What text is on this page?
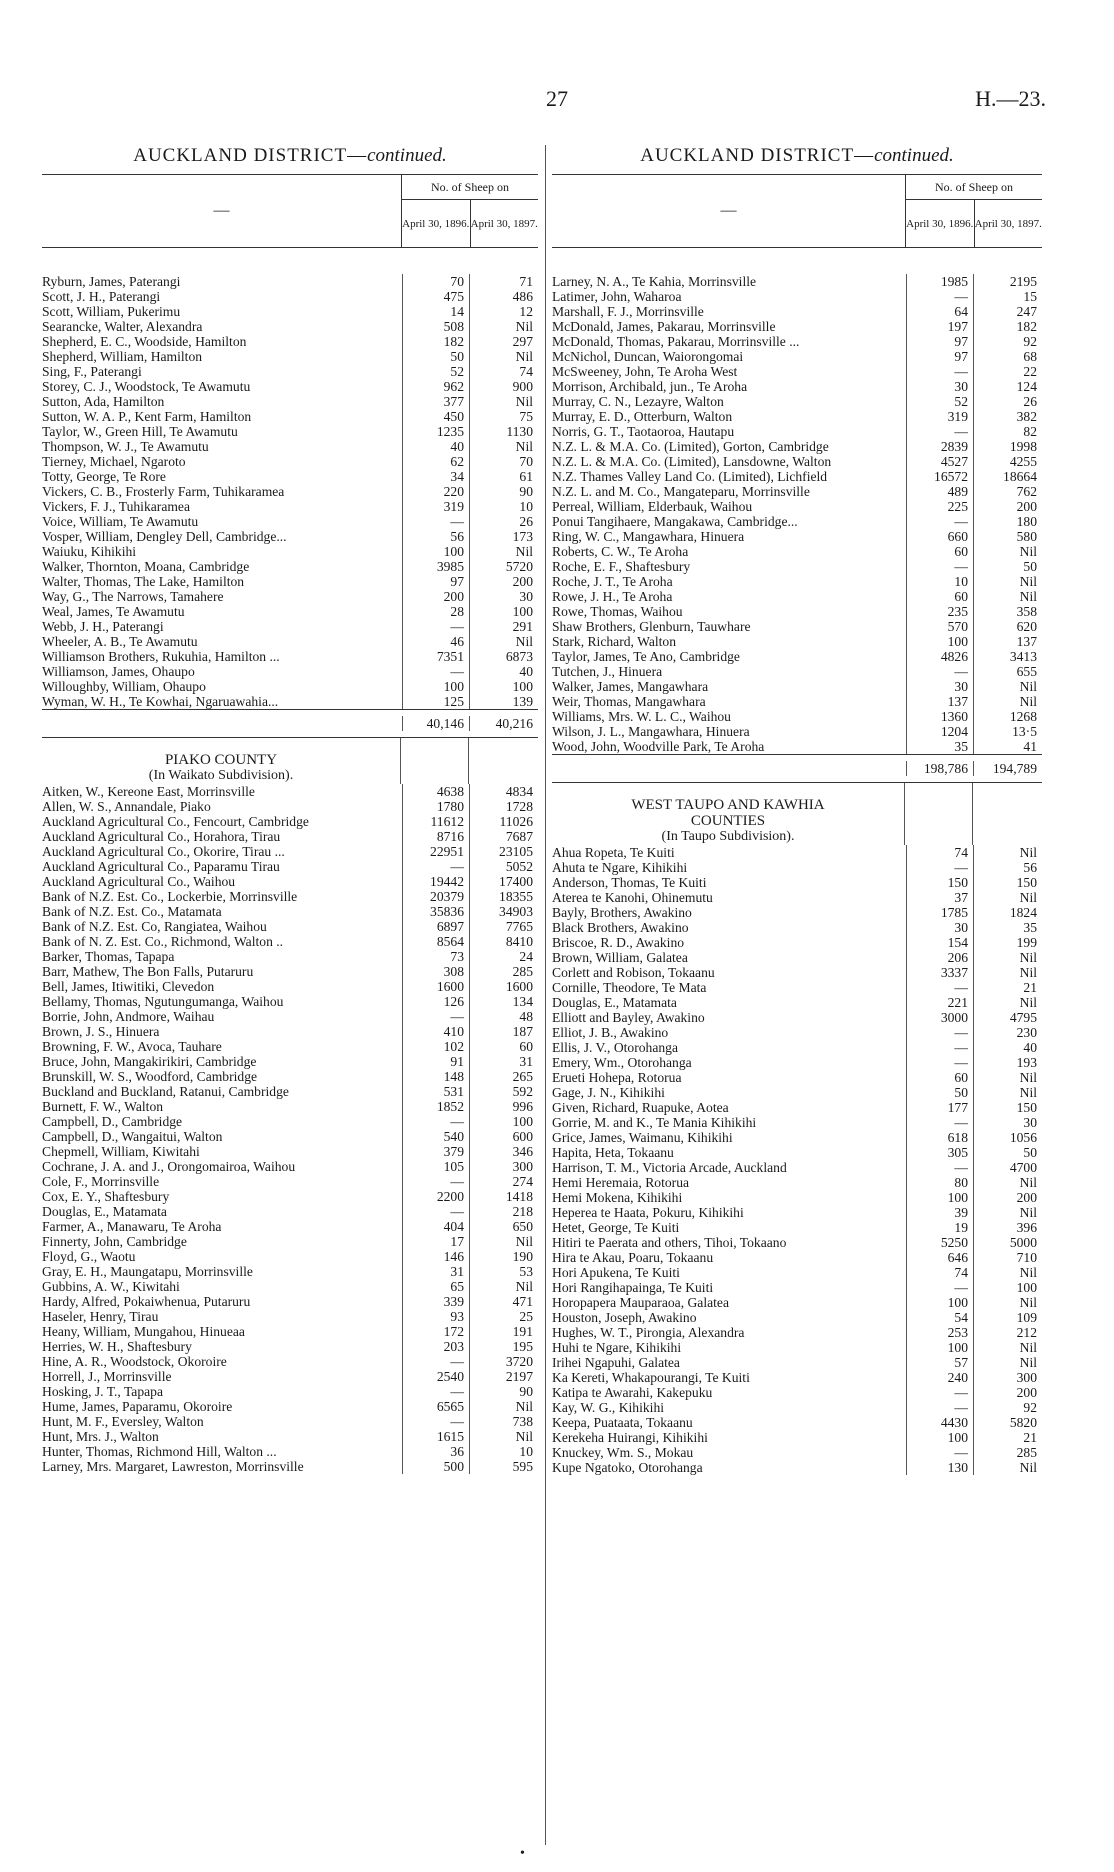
27	H.—23.
AUCKLAND DISTRICT—continued.
—
No. of Sheep on
April 30, 1896. April 30, 1897.
Ryburn, James, Paterangi	70	71
Scott, J. H., Paterangi	475	486
Scott, William, Pukerimu	14	12
Searancke, Walter, Alexandra	508	Nil
Shepherd, E. C., Woodside, Hamilton	182	297
Shepherd, William, Hamilton	50	Nil
Sing, F., Paterangi	52	74
Storey, C. J., Woodstock, Te Awamutu	962	900
Sutton, Ada, Hamilton	377	Nil
Sutton, W. A. P., Kent Farm, Hamilton	450	75
Taylor, W., Green Hill, Te Awamutu	1235	1130
Thompson, W. J., Te Awamutu	40	Nil
Tierney, Michael, Ngaroto	62	70
Totty, George, Te Rore	34	61
Vickers, C. B., Frosterly Farm, Tuhikaramea	220	90
Vickers, F. J., Tuhikaramea	319	10
Voice, William, Te Awamutu	—	26
Vosper, William, Dengley Dell, Cambridge...	56	173
Waiuku, Kihikihi	100	Nil
Walker, Thornton, Moana, Cambridge	3985	5720
Walter, Thomas, The Lake, Hamilton	97	200
Way, G., The Narrows, Tamahere	200	30
Weal, James, Te Awamutu	28	100
Webb, J. H., Paterangi	—	291
Wheeler, A. B., Te Awamutu	46	Nil
Williamson Brothers, Rukuhia, Hamilton ...	7351	6873
Williamson, James, Ohaupo	—	40
Willoughby, William, Ohaupo	100	100
Wyman, W. H., Te Kowhai, Ngaruawahia...	125	139
40,146	40,216
PIAKO COUNTY
(In Waikato Subdivision).
Aitken, W., Kereone East, Morrinsville	4638	4834
Allen, W. S., Annandale, Piako	1780	1728
Auckland Agricultural Co., Fencourt, Cambridge	11612	11026
Auckland Agricultural Co., Horahora, Tirau	8716	7687
Auckland Agricultural Co., Okorire, Tirau ...	22951	23105
Auckland Agricultural Co., Paparamu Tirau	—	5052
Auckland Agricultural Co., Waihou	19442	17400
Bank of N.Z. Est. Co., Lockerbie, Morrinsville	20379	18355
Bank of N.Z. Est. Co., Matamata	35836	34903
Bank of N.Z. Est. Co, Rangiatea, Waihou	6897	7765
Bank of N. Z. Est. Co., Richmond, Walton ..	8564	8410
Barker, Thomas, Tapapa	73	24
Barr, Mathew, The Bon Falls, Putaruru	308	285
Bell, James, Itiwitiki, Clevedon	1600	1600
Bellamy, Thomas, Ngutungumanga, Waihou	126	134
Borrie, John, Andmore, Waihau	—	48
Brown, J. S., Hinuera	410	187
Browning, F. W., Avoca, Tauhare	102	60
Bruce, John, Mangakirikiri, Cambridge	91	31
Brunskill, W. S., Woodford, Cambridge	148	265
Buckland and Buckland, Ratanui, Cambridge	531	592
Burnett, F. W., Walton	1852	996
Campbell, D., Cambridge	—	100
Campbell, D., Wangaitui, Walton	540	600
Chepmell, William, Kiwitahi	379	346
Cochrane, J. A. and J., Orongomairoa, Waihou	105	300
Cole, F., Morrinsville	—	274
Cox, E. Y., Shaftesbury	2200	1418
Douglas, E., Matamata	—	218
Farmer, A., Manawaru, Te Aroha	404	650
Finnerty, John, Cambridge	17	Nil
Floyd, G., Waotu	146	190
Gray, E. H., Maungatapu, Morrinsville	31	53
Gubbins, A. W., Kiwitahi	65	Nil
Hardy, Alfred, Pokaiwhenua, Putaruru	339	471
Haseler, Henry, Tirau	93	25
Heany, William, Mungahou, Hinueaa	172	191
Herries, W. H., Shaftesbury	203	195
Hine, A. R., Woodstock, Okoroire	—	3720
Horrell, J., Morrinsville	2540	2197
Hosking, J. T., Tapapa	—	90
Hume, James, Paparamu, Okoroire	6565	Nil
Hunt, M. F., Eversley, Walton	—	738
Hunt, Mrs. J., Walton	1615	Nil
Hunter, Thomas, Richmond Hill, Walton ...	36	10
Larney, Mrs. Margaret, Lawreston, Morrinsville	500	595
AUCKLAND DISTRICT—continued.
—
No. of Sheep on
April 30, 1896. April 30, 1897.
Larney, N. A., Te Kahia, Morrinsville	1985	2195
Latimer, John, Waharoa	—	15
Marshall, F. J., Morrinsville	64	247
McDonald, James, Pakarau, Morrinsville	197	182
McDonald, Thomas, Pakarau, Morrinsville ...	97	92
McNichol, Duncan, Waiorongomai	97	68
McSweeney, John, Te Aroha West	—	22
Morrison, Archibald, jun., Te Aroha	30	124
Murray, C. N., Lezayre, Walton	52	26
Murray, E. D., Otterburn, Walton	319	382
Norris, G. T., Taotaoroa, Hautapu	—	82
N.Z. L. & M.A. Co. (Limited), Gorton, Cambridge	2839	1998
N.Z. L. & M.A. Co. (Limited), Lansdowne, Walton	4527	4255
N.Z. Thames Valley Land Co. (Limited), Lichfield	16572	18664
N.Z. L. and M. Co., Mangateparu, Morrinsville	489	762
Perreal, William, Elderbauk, Waihou	225	200
Ponui Tangihaere, Mangakawa, Cambridge...	—	180
Ring, W. C., Mangawhara, Hinuera	660	580
Roberts, C. W., Te Aroha	60	Nil
Roche, E. F., Shaftesbury	—	50
Roche, J. T., Te Aroha	10	Nil
Rowe, J. H., Te Aroha	60	Nil
Rowe, Thomas, Waihou	235	358
Shaw Brothers, Glenburn, Tauwhare	570	620
Stark, Richard, Walton	100	137
Taylor, James, Te Ano, Cambridge	4826	3413
Tutchen, J., Hinuera	—	655
Walker, James, Mangawhara	30	Nil
Weir, Thomas, Mangawhara	137	Nil
Williams, Mrs. W. L. C., Waihou	1360	1268
Wilson, J. L., Mangawhara, Hinuera	1204	13·5
Wood, John, Woodville Park, Te Aroha	35	41
198,786	194,789
WEST TAUPO AND KAWHIA
COUNTIES
(In Taupo Subdivision).
Ahua Ropeta, Te Kuiti	74	Nil
Ahuta te Ngare, Kihikihi	—	56
Anderson, Thomas, Te Kuiti	150	150
Aterea te Kanohi, Ohinemutu	37	Nil
Bayly, Brothers, Awakino	1785	1824
Black Brothers, Awakino	30	35
Briscoe, R. D., Awakino	154	199
Brown, William, Galatea	206	Nil
Corlett and Robison, Tokaanu	3337	Nil
Cornille, Theodore, Te Mata	—	21
Douglas, E., Matamata	221	Nil
Elliott and Bayley, Awakino	3000	4795
Elliot, J. B., Awakino	—	230
Ellis, J. V., Otorohanga	—	40
Emery, Wm., Otorohanga	—	193
Erueti Hohepa, Rotorua	60	Nil
Gage, J. N., Kihikihi	50	Nil
Given, Richard, Ruapuke, Aotea	177	150
Gorrie, M. and K., Te Mania Kihikihi	—	30
Grice, James, Waimanu, Kihikihi	618	1056
Hapita, Heta, Tokaanu	305	50
Harrison, T. M., Victoria Arcade, Auckland	—	4700
Hemi Heremaia, Rotorua	80	Nil
Hemi Mokena, Kihikihi	100	200
Heperea te Haata, Pokuru, Kihikihi	39	Nil
Hetet, George, Te Kuiti	19	396
Hitiri te Paerata and others, Tihoi, Tokaano	5250	5000
Hira te Akau, Poaru, Tokaanu	646	710
Hori Apukena, Te Kuiti	74	Nil
Hori Rangihapainga, Te Kuiti	—	100
Horopapera Mauparaoa, Galatea	100	Nil
Houston, Joseph, Awakino	54	109
Hughes, W. T., Pirongia, Alexandra	253	212
Huhi te Ngare, Kihikihi	100	Nil
Irihei Ngapuhi, Galatea	57	Nil
Ka Kereti, Whakapourangi, Te Kuiti	240	300
Katipa te Awarahi, Kakepuku	—	200
Kay, W. G., Kihikihi	—	92
Keepa, Puataata, Tokaanu	4430	5820
Kerekeha Huirangi, Kihikihi	100	21
Knuckey, Wm. S., Mokau	—	285
Kupe Ngatoko, Otorohanga	130	Nil
•
